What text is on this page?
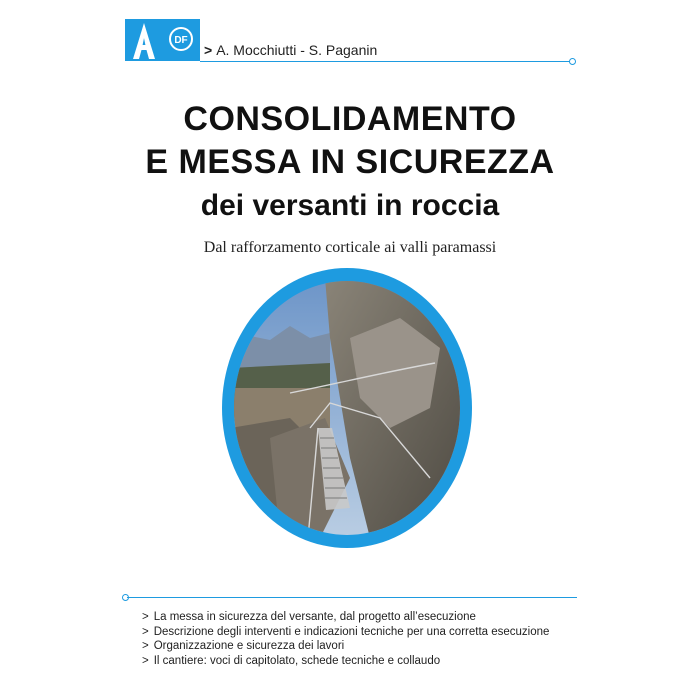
DF
> A. Mocchiutti - S. Paganin
CONSOLIDAMENTO
E MESSA IN SICUREZZA
dei versanti in roccia
Dal rafforzamento corticale ai valli paramassi
> La messa in sicurezza del versante, dal progetto all’esecuzione
> Descrizione degli interventi e indicazioni tecniche per una corretta esecuzione
> Organizzazione e sicurezza dei lavori
> Il cantiere: voci di capitolato, schede tecniche e collaudo
